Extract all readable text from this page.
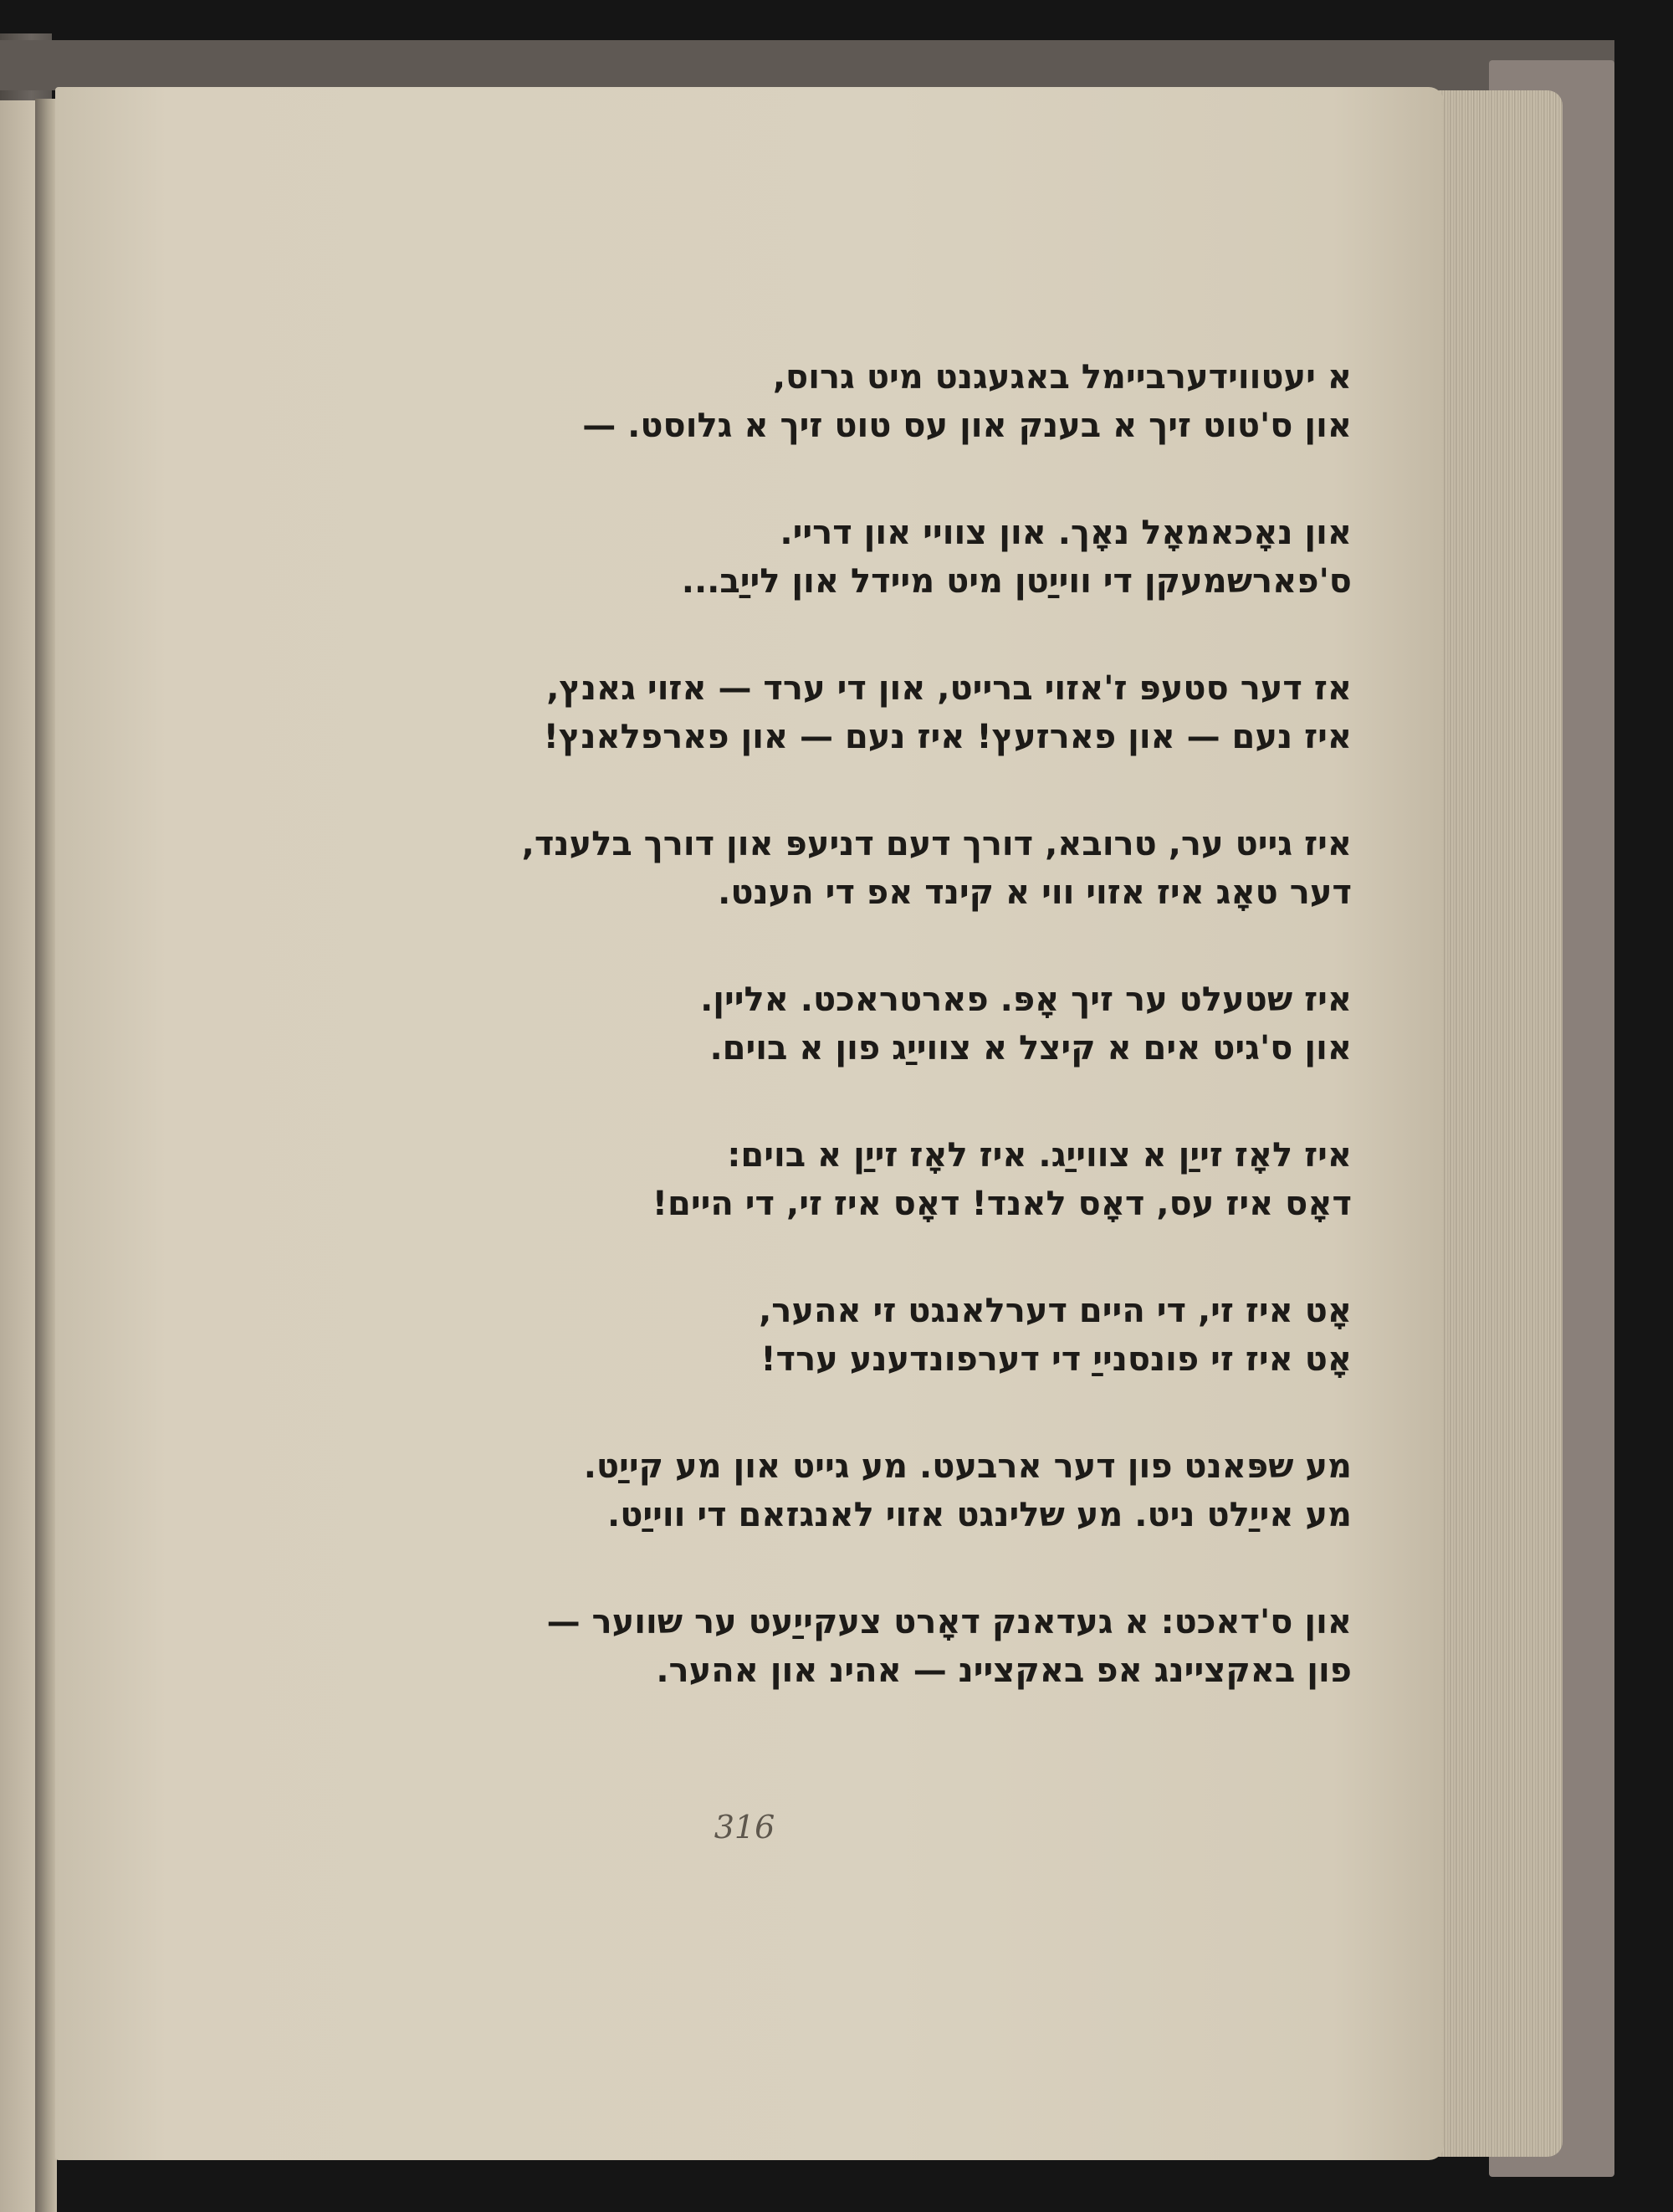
א יעטווידערביימל באגעגנט מיט גרוס,
און ס'טוט זיך א בענק און עס טוט זיך א גלוסט. —
און נאָכאמאָל נאָך. און צוויי און דריי.
ס'פארשמעקן די ווייַטן מיט מיידל און לייַב...
אז דער סטעפּ ז'אזוי ברייט, און די ערד — אזוי גאנץ,
איז נעם — און פארזעץ! איז נעם — און פארפלאנץ!
איז גייט ער, טרובא, דורך דעם דניעפּ און דורך בלענד,
דער טאָג איז אזוי ווי א קינד אפ די הענט.
איז שטעלט ער זיך אָפּ. פארטראכט. אליין.
און ס'גיט אים א קיצל א צווייַג פון א בוים.
איז לאָז זייַן א צווייַג. איז לאָז זייַן א בוים:
דאָס איז עס, דאָס לאנד! דאָס איז זי, די היים!
אָט איז זי, די היים דערלאנגט זי אהער,
אָט איז זי פונסנייַ די דערפונדענע ערד!
מע שפּאנט פון דער ארבעט. מע גייט און מע קייַט.
מע אייַלט ניט. מע שלינגט אזוי לאנגזאם די ווייַט.
און ס'דאכט: א געדאנק דאָרט צעקייַעט ער שווער —
פון באקציינג אפ באקציינ — אהינ און אהער.
316
